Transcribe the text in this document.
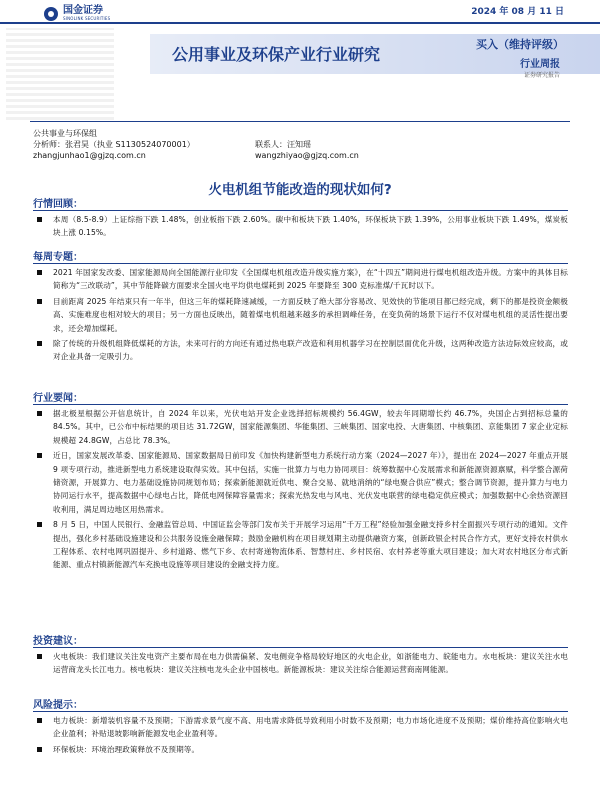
国金证券
SINOLINK SECURITIES
2024 年 08 月 11 日
公用事业及环保产业行业研究
买入（维持评级）
行业周报
证券研究报告
公共事业与环保组
分析师：张君昊（执业 S1130524070001）	联系人：汪知瑶
zhangjunhao1@gjzq.com.cn	wangzhiyao@gjzq.com.cn
火电机组节能改造的现状如何?
行情回顾：
本周（8.5-8.9）上证综指下跌 1.48%，创业板指下跌 2.60%。碳中和板块下跌 1.40%，环保板块下跌 1.39%，公用事业板块下跌 1.49%，煤炭板块上涨 0.15%。
每周专题：
2021 年国家发改委、国家能源局向全国能源行业印发《全国煤电机组改造升级实施方案》，在“十四五”期间进行煤电机组改造升级。方案中的具体目标简称为“三改联动”，其中节能降碳方面要求全国火电平均供电煤耗到 2025 年要降至 300 克标准煤/千瓦时以下。
目前距离 2025 年结束只有一年半，但这三年的煤耗降速减缓，一方面反映了绝大部分容易改、见效快的节能项目都已经完成，剩下的都是投资金额极高、实施难度也相对较大的项目；另一方面也反映出，随着煤电机组越来越多的承担调峰任务，在变负荷的场景下运行不仅对煤电机组的灵活性提出要求，还会增加煤耗。
除了传统的升级机组降低煤耗的方法，未来可行的方向还有通过热电联产改造和利用机器学习在控制层面优化升级，这两种改造方法边际效应较高，或对企业具备一定吸引力。
行业要闻：
据北极星根据公开信息统计，自 2024 年以来，光伏电站开发企业选择招标规模约 56.4GW，较去年同期增长约 46.7%，央国企占到招标总量的 84.5%。其中，已公布中标结果的项目达 31.72GW，国家能源集团、华能集团、三峡集团、国家电投、大唐集团、中核集团、京能集团 7 家企业定标规模超 24.8GW，占总比 78.3%。
近日，国家发展改革委、国家能源局、国家数据局日前印发《加快构建新型电力系统行动方案（2024—2027 年）》，提出在 2024—2027 年重点开展 9 项专项行动，推进新型电力系统建设取得实效。其中包括，实施一批算力与电力协同项目：统筹数据中心发展需求和新能源资源禀赋，科学整合源荷储资源，开展算力、电力基础设施协同规划布局；探索新能源就近供电、聚合交易、就地消纳的“绿电聚合供应”模式；整合调节资源，提升算力与电力协同运行水平，提高数据中心绿电占比，降低电网保障容量需求；探索光热发电与风电、光伏发电联营的绿电稳定供应模式；加强数据中心余热资源回收利用，满足周边地区用热需求。
8 月 5 日，中国人民银行、金融监管总局、中国证监会等部门发布关于开展学习运用“千万工程”经验加强金融支持乡村全面振兴专项行动的通知。文件提出，强化乡村基础设施建设和公共服务设施金融保障；鼓励金融机构在项目规划期主动提供融资方案，创新政银企村民合作方式，更好支持农村供水工程体系、农村电网巩固提升、乡村道路、燃气下乡、农村寄递物流体系、智慧村庄、乡村民宿、农村养老等重大项目建设；加大对农村地区分布式新能源、重点村镇新能源汽车充换电设施等项目建设的金融支持力度。
投资建议：
火电板块：我们建议关注发电资产主要布局在电力供需偏紧、发电侧竞争格局较好地区的火电企业，如浙能电力、皖能电力。水电板块：建议关注水电运营商龙头长江电力。核电板块：建议关注核电龙头企业中国核电。新能源板块：建议关注综合能源运营商南网能源。
风险提示：
电力板块：新增装机容量不及预期；下游需求景气度不高、用电需求降低导致利用小时数不及预期；电力市场化进度不及预期；煤价维持高位影响火电企业盈利；补贴退坡影响新能源发电企业盈利等。
环保板块：环境治理政策释放不及预期等。
